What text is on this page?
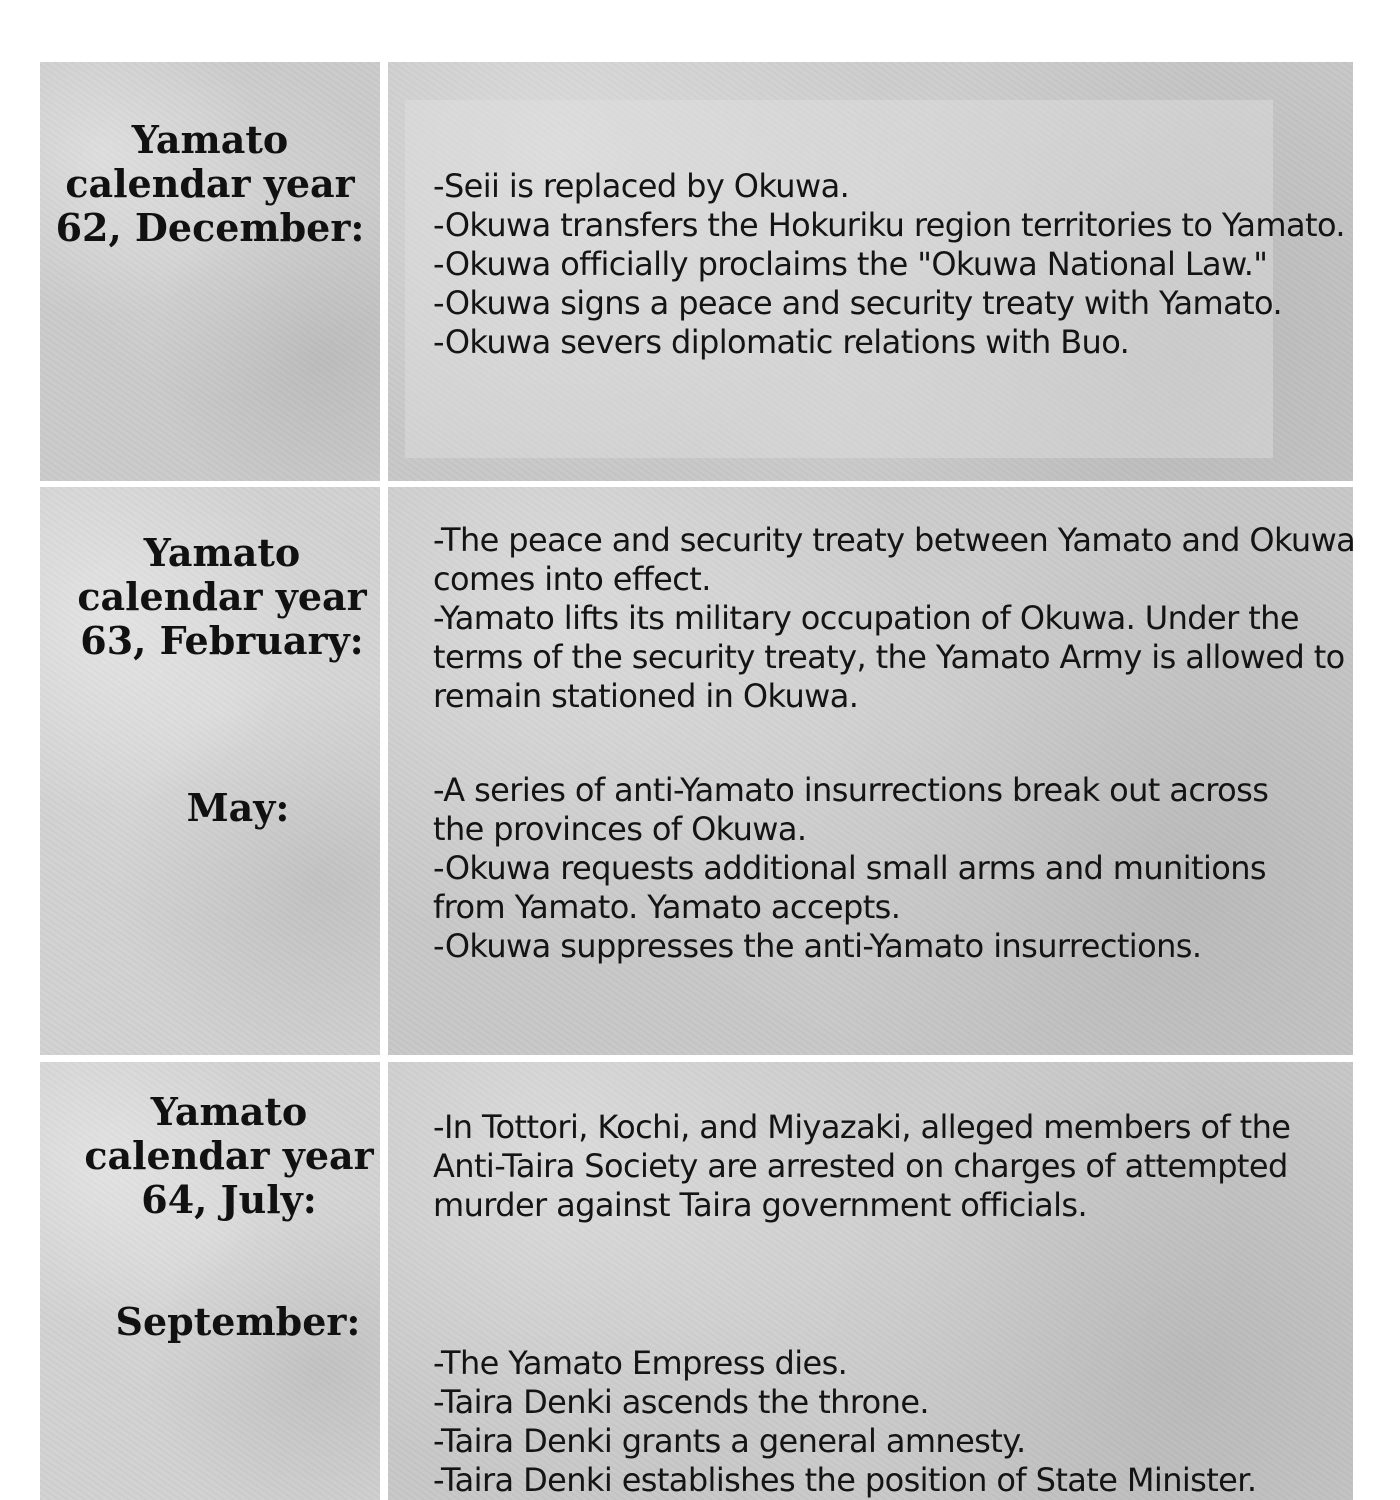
Yamato
calendar year
62, December:
-Seii is replaced by Okuwa.
-Okuwa transfers the Hokuriku region territories to Yamato.
-Okuwa officially proclaims the "Okuwa National Law."
-Okuwa signs a peace and security treaty with Yamato.
-Okuwa severs diplomatic relations with Buo.
Yamato
calendar year
63, February:
May:
-The peace and security treaty between Yamato and Okuwa
comes into effect.
-Yamato lifts its military occupation of Okuwa. Under the
terms of the security treaty, the Yamato Army is allowed to
remain stationed in Okuwa.
-A series of anti-Yamato insurrections break out across
the provinces of Okuwa.
-Okuwa requests additional small arms and munitions
from Yamato. Yamato accepts.
-Okuwa suppresses the anti-Yamato insurrections.
Yamato
calendar year
64, July:
September:
-In Tottori, Kochi, and Miyazaki, alleged members of the
Anti-Taira Society are arrested on charges of attempted
murder against Taira government officials.
-The Yamato Empress dies.
-Taira Denki ascends the throne.
-Taira Denki grants a general amnesty.
-Taira Denki establishes the position of State Minister.
